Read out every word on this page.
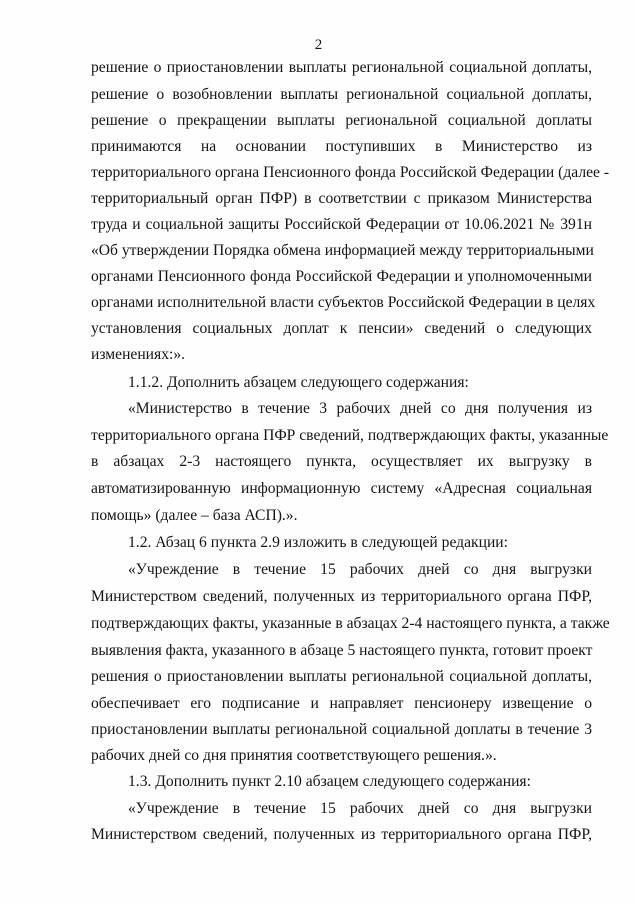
2
решение о приостановлении выплаты региональной социальной доплаты,
решение о возобновлении выплаты региональной социальной доплаты,
решение о прекращении выплаты региональной социальной доплаты
принимаются на основании поступивших в Министерство из
территориального органа Пенсионного фонда Российской Федерации (далее -
территориальный орган ПФР) в соответствии с приказом Министерства
труда и социальной защиты Российской Федерации от 10.06.2021 № 391н
«Об утверждении Порядка обмена информацией между территориальными
органами Пенсионного фонда Российской Федерации и уполномоченными
органами исполнительной власти субъектов Российской Федерации в целях
установления социальных доплат к пенсии» сведений о следующих
изменениях:».
1.1.2. Дополнить абзацем следующего содержания:
«Министерство в течение 3 рабочих дней со дня получения из
территориального органа ПФР сведений, подтверждающих факты, указанные
в абзацах 2-3 настоящего пункта, осуществляет их выгрузку в
автоматизированную информационную систему «Адресная социальная
помощь» (далее – база АСП).».
1.2. Абзац 6 пункта 2.9 изложить в следующей редакции:
«Учреждение в течение 15 рабочих дней со дня выгрузки
Министерством сведений, полученных из территориального органа ПФР,
подтверждающих факты, указанные в абзацах 2-4 настоящего пункта, а также
выявления факта, указанного в абзаце 5 настоящего пункта, готовит проект
решения о приостановлении выплаты региональной социальной доплаты,
обеспечивает его подписание и направляет пенсионеру извещение о
приостановлении выплаты региональной социальной доплаты в течение 3
рабочих дней со дня принятия соответствующего решения.».
1.3. Дополнить пункт 2.10 абзацем следующего содержания:
«Учреждение в течение 15 рабочих дней со дня выгрузки
Министерством сведений, полученных из территориального органа ПФР,
